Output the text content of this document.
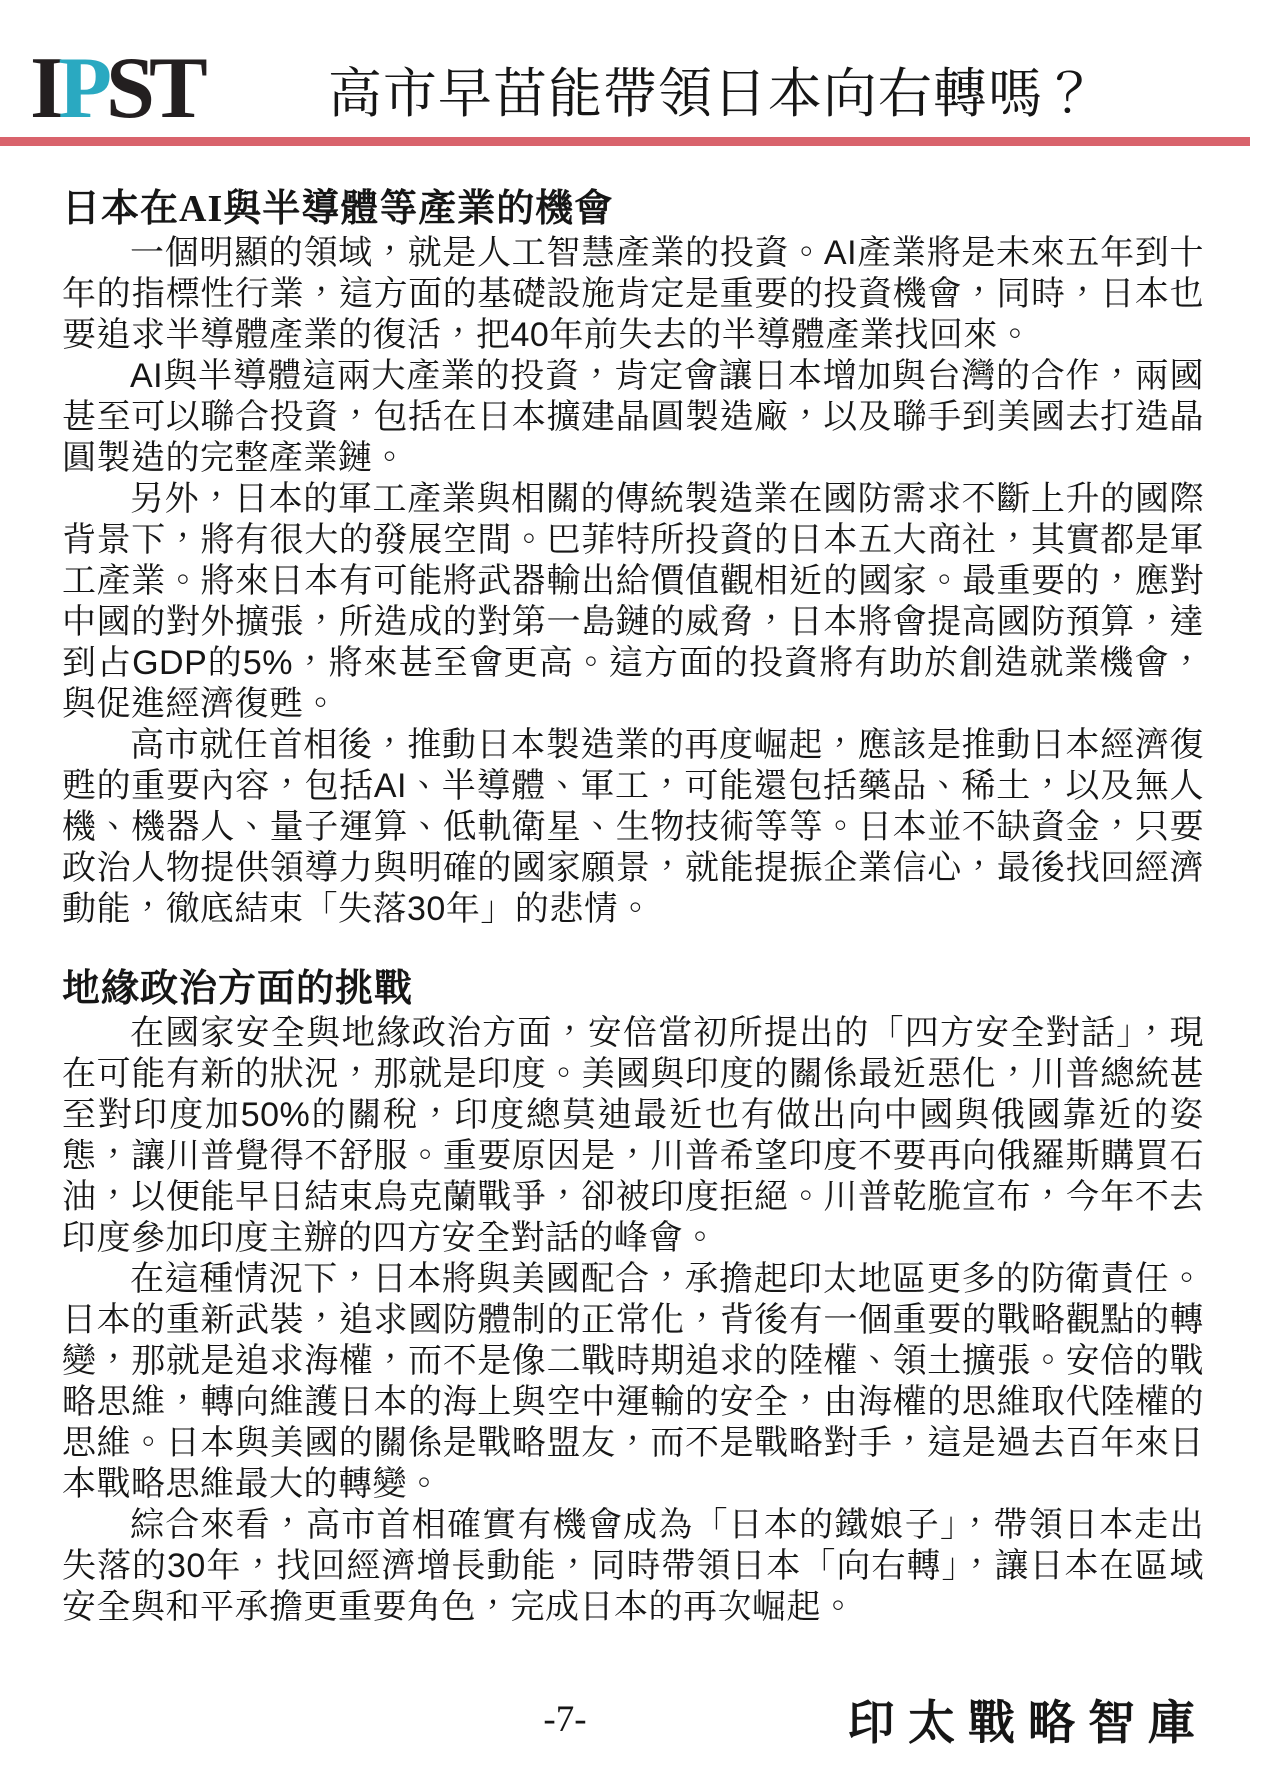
IPST	高市早苗能帶領日本向右轉嗎？
日本在AI與半導體等產業的機會

一個明顯的領域，就是人工智慧產業的投資。AI產業將是未來五年到十年的指標性行業，這方面的基礎設施肯定是重要的投資機會，同時，日本也要追求半導體產業的復活，把40年前失去的半導體產業找回來。

AI與半導體這兩大產業的投資，肯定會讓日本增加與台灣的合作，兩國甚至可以聯合投資，包括在日本擴建晶圓製造廠，以及聯手到美國去打造晶圓製造的完整產業鏈。

另外，日本的軍工產業與相關的傳統製造業在國防需求不斷上升的國際背景下，將有很大的發展空間。巴菲特所投資的日本五大商社，其實都是軍工產業。將來日本有可能將武器輸出給價值觀相近的國家。最重要的，應對中國的對外擴張，所造成的對第一島鏈的威脅，日本將會提高國防預算，達到占GDP的5%，將來甚至會更高。這方面的投資將有助於創造就業機會，與促進經濟復甦。

高市就任首相後，推動日本製造業的再度崛起，應該是推動日本經濟復甦的重要內容，包括AI、半導體、軍工，可能還包括藥品、稀土，以及無人機、機器人、量子運算、低軌衛星、生物技術等等。日本並不缺資金，只要政治人物提供領導力與明確的國家願景，就能提振企業信心，最後找回經濟動能，徹底結束「失落30年」的悲情。

地緣政治方面的挑戰

在國家安全與地緣政治方面，安倍當初所提出的「四方安全對話」，現在可能有新的狀況，那就是印度。美國與印度的關係最近惡化，川普總統甚至對印度加50%的關稅，印度總莫迪最近也有做出向中國與俄國靠近的姿態，讓川普覺得不舒服。重要原因是，川普希望印度不要再向俄羅斯購買石油，以便能早日結束烏克蘭戰爭，卻被印度拒絕。川普乾脆宣布，今年不去印度參加印度主辦的四方安全對話的峰會。

在這種情況下，日本將與美國配合，承擔起印太地區更多的防衛責任。日本的重新武裝，追求國防體制的正常化，背後有一個重要的戰略觀點的轉變，那就是追求海權，而不是像二戰時期追求的陸權、領土擴張。安倍的戰略思維，轉向維護日本的海上與空中運輸的安全，由海權的思維取代陸權的思維。日本與美國的關係是戰略盟友，而不是戰略對手，這是過去百年來日本戰略思維最大的轉變。

綜合來看，高市首相確實有機會成為「日本的鐵娘子」，帶領日本走出失落的30年，找回經濟增長動能，同時帶領日本「向右轉」，讓日本在區域安全與和平承擔更重要角色，完成日本的再次崛起。

-7-	印太戰略智庫
